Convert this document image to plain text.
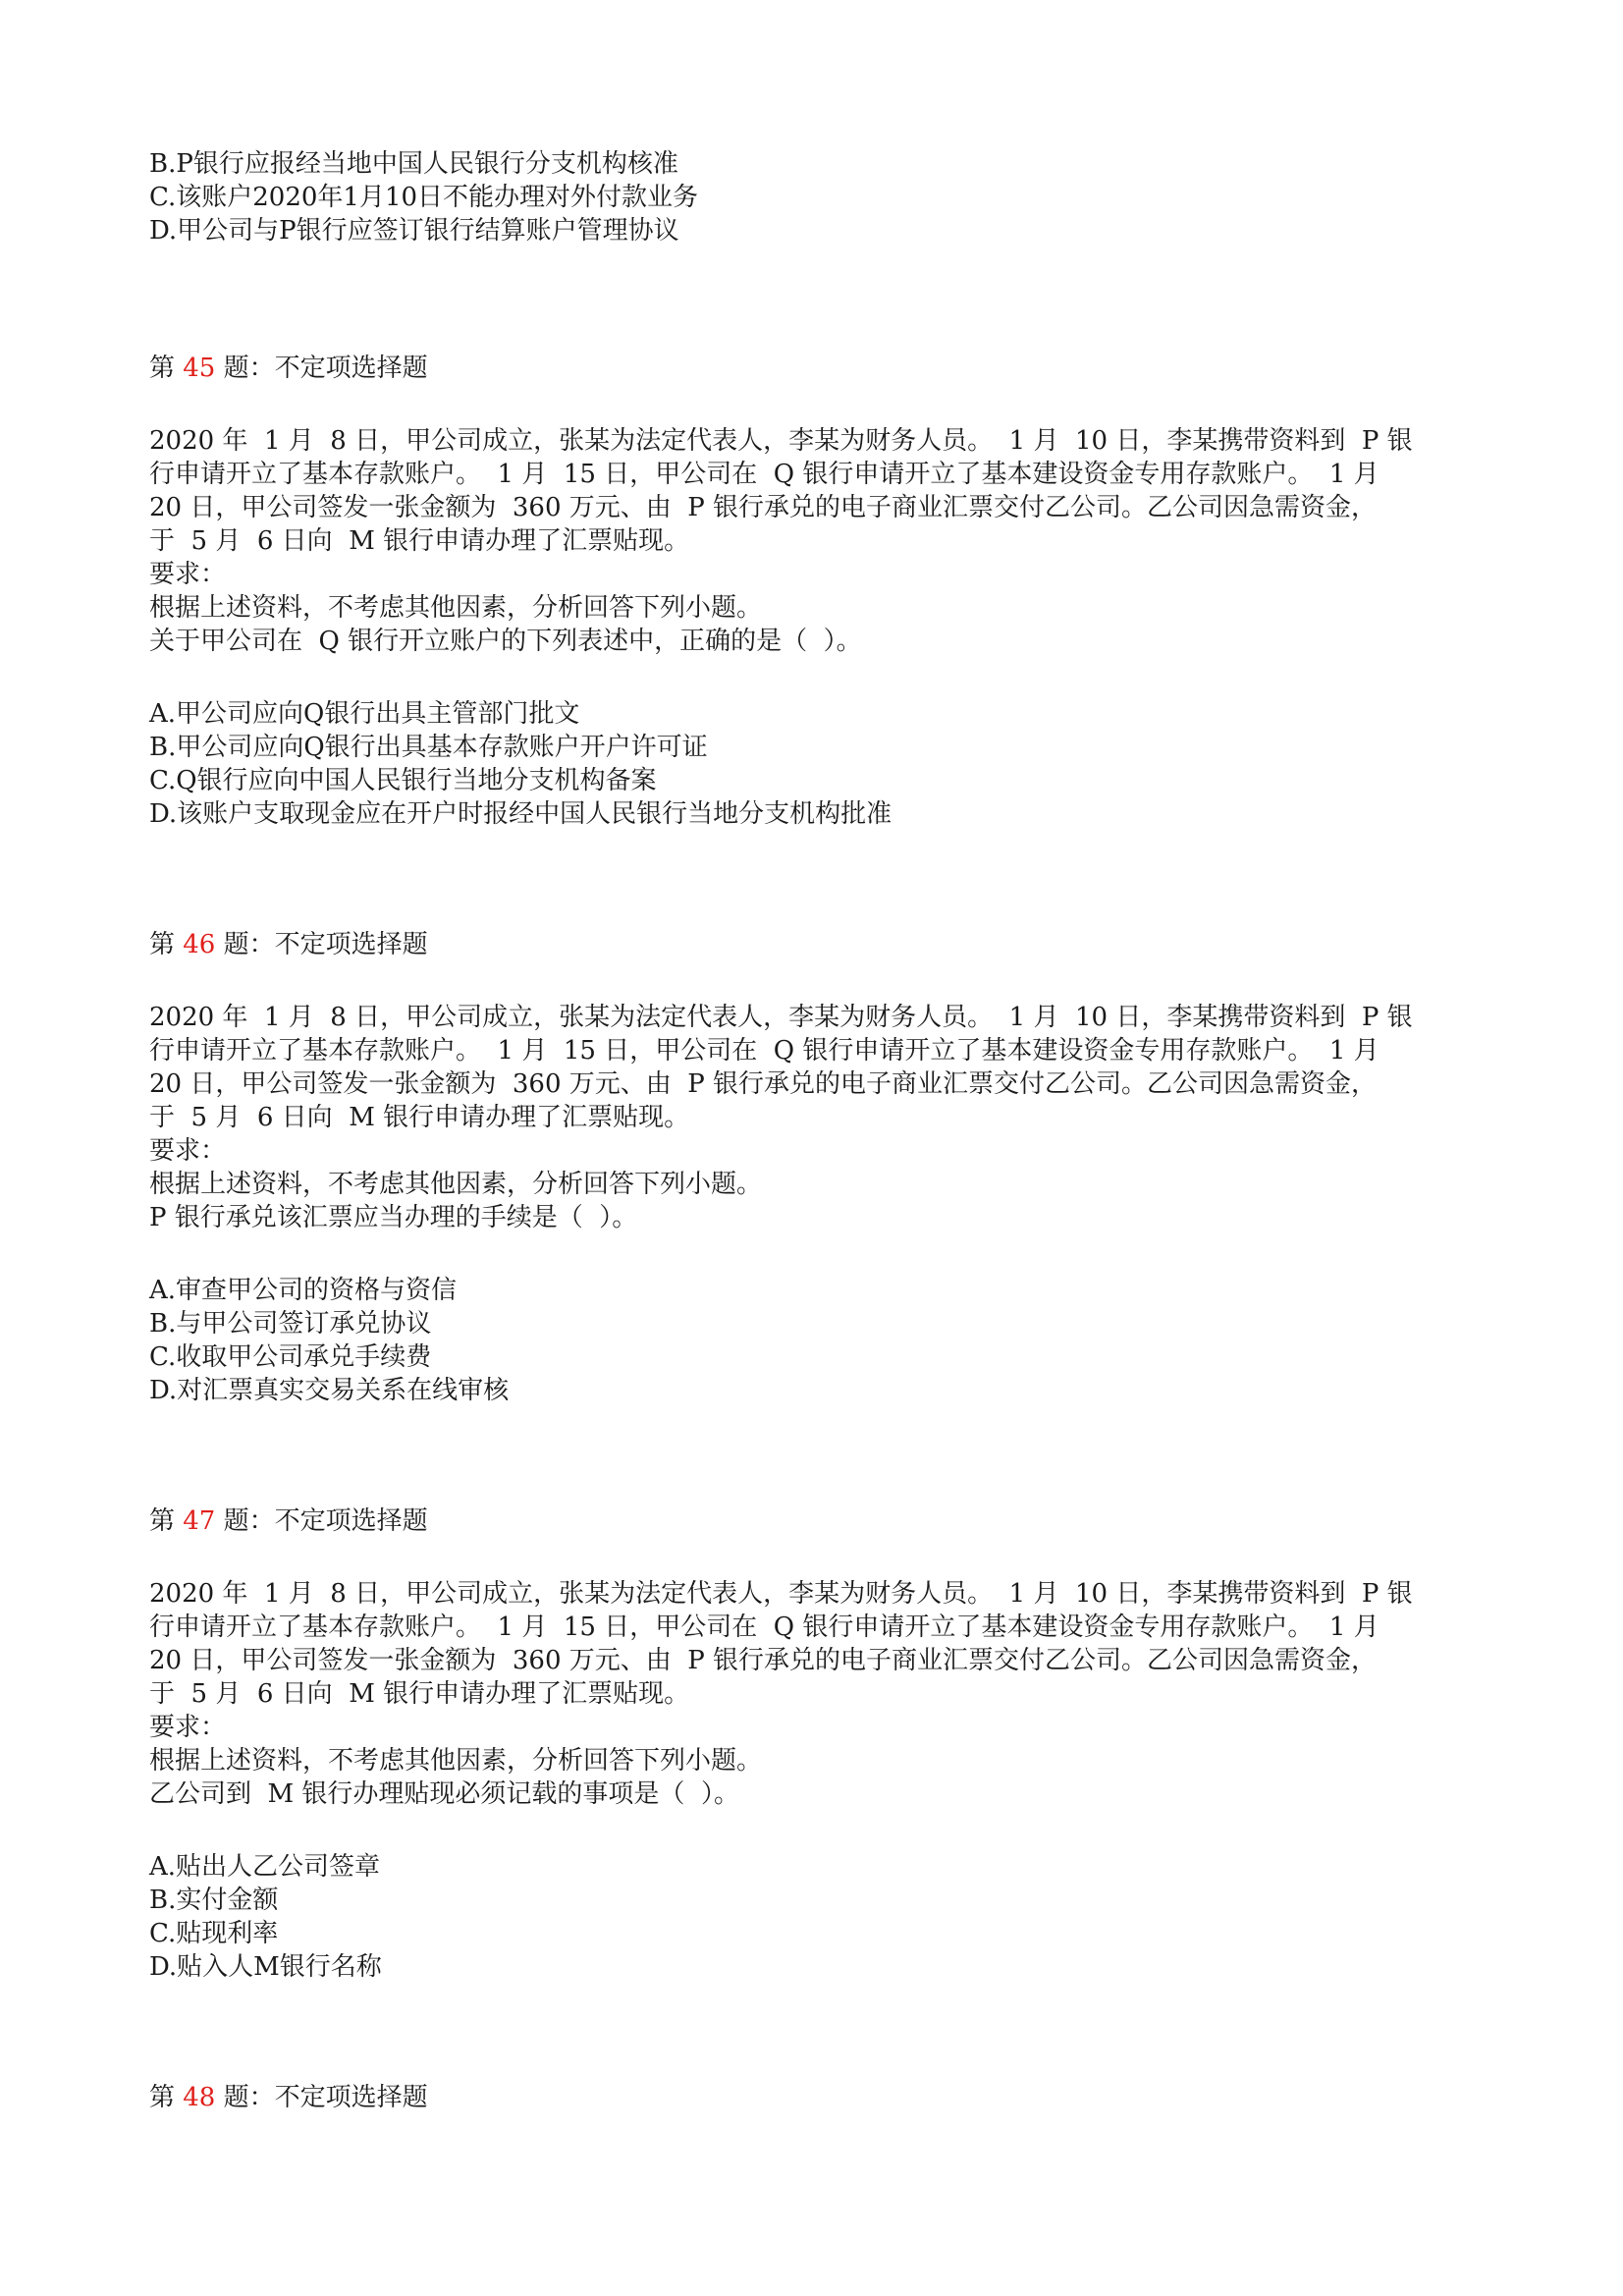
B.P银行应报经当地中国人民银行分支机构核准

C.该账户2020年1月10日不能办理对外付款业务

D.甲公司与P银行应签订银行结算账户管理协议

第 45 题：不定项选择题

2020 年  1 月  8 日，甲公司成立，张某为法定代表人，李某为财务人员。  1 月  10 日，李某携带资料到  P 银

行申请开立了基本存款账户。  1 月  15 日，甲公司在  Q 银行申请开立了基本建设资金专用存款账户。  1 月

20 日，甲公司签发一张金额为  360 万元、由  P 银行承兑的电子商业汇票交付乙公司。乙公司因急需资金，

于  5 月  6 日向  M 银行申请办理了汇票贴现。

要求：

根据上述资料，不考虑其他因素，分析回答下列小题。

关于甲公司在  Q 银行开立账户的下列表述中，正确的是（  ）。

A.甲公司应向Q银行出具主管部门批文

B.甲公司应向Q银行出具基本存款账户开户许可证

C.Q银行应向中国人民银行当地分支机构备案

D.该账户支取现金应在开户时报经中国人民银行当地分支机构批准

第 46 题：不定项选择题

2020 年  1 月  8 日，甲公司成立，张某为法定代表人，李某为财务人员。  1 月  10 日，李某携带资料到  P 银

行申请开立了基本存款账户。  1 月  15 日，甲公司在  Q 银行申请开立了基本建设资金专用存款账户。  1 月

20 日，甲公司签发一张金额为  360 万元、由  P 银行承兑的电子商业汇票交付乙公司。乙公司因急需资金，

于  5 月  6 日向  M 银行申请办理了汇票贴现。

要求：

根据上述资料，不考虑其他因素，分析回答下列小题。

P 银行承兑该汇票应当办理的手续是（  ）。

A.审查甲公司的资格与资信

B.与甲公司签订承兑协议

C.收取甲公司承兑手续费

D.对汇票真实交易关系在线审核

第 47 题：不定项选择题

2020 年  1 月  8 日，甲公司成立，张某为法定代表人，李某为财务人员。  1 月  10 日，李某携带资料到  P 银

行申请开立了基本存款账户。  1 月  15 日，甲公司在  Q 银行申请开立了基本建设资金专用存款账户。  1 月

20 日，甲公司签发一张金额为  360 万元、由  P 银行承兑的电子商业汇票交付乙公司。乙公司因急需资金，

于  5 月  6 日向  M 银行申请办理了汇票贴现。

要求：

根据上述资料，不考虑其他因素，分析回答下列小题。

乙公司到  M 银行办理贴现必须记载的事项是（  ）。

A.贴出人乙公司签章

B.实付金额

C.贴现利率

D.贴入人M银行名称

第 48 题：不定项选择题
